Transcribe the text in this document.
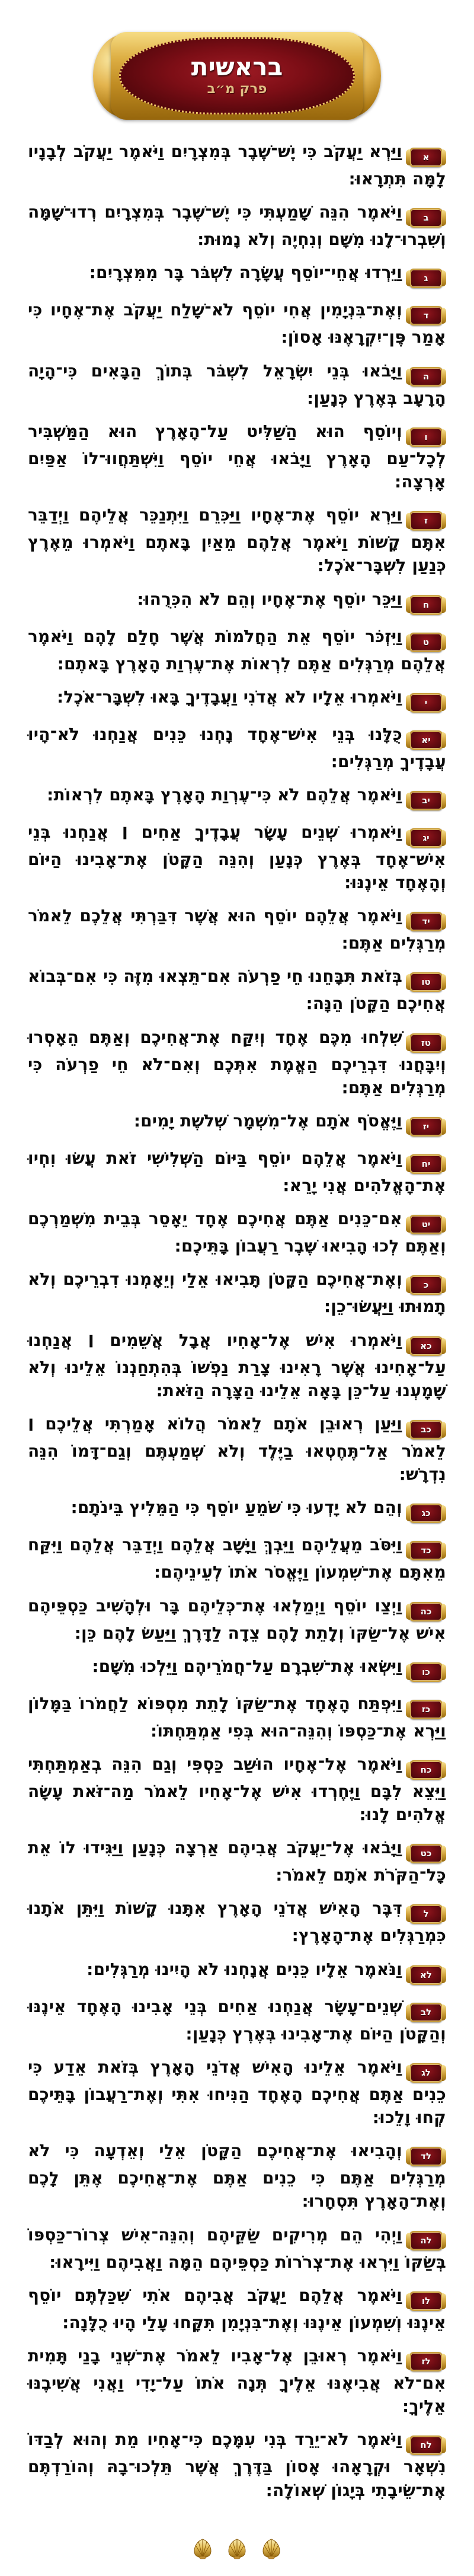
בראשית
פרק מ״ב
א
וַיַּרְא יַעֲקֹב כִּי יֶשׁ־שֶׁבֶר בְּמִצְרָיִם וַיֹּאמֶר יַעֲקֹב לְבָנָיו לָמָּה תִּתְרָאוּ:
ב
וַיֹּאמֶר הִנֵּה שָׁמַעְתִּי כִּי יֶשׁ־שֶׁבֶר בְּמִצְרָיִם רְדוּ־שָׁמָּה וְשִׁבְרוּ־לָנוּ מִשָּׁם וְנִחְיֶה וְלֹא נָמוּת:
ג
וַיֵּרְדוּ אֲחֵי־יוֹסֵף עֲשָׂרָה לִשְׁבֹּר בָּר מִמִּצְרָיִם:
ד
וְאֶת־בִּנְיָמִין אֲחִי יוֹסֵף לֹא־שָׁלַח יַעֲקֹב אֶת־אֶחָיו כִּי אָמַר פֶּן־יִקְרָאֶנּוּ אָסוֹן:
ה
וַיָּבֹאוּ בְּנֵי יִשְׂרָאֵל לִשְׁבֹּר בְּתוֹךְ הַבָּאִים כִּי־הָיָה הָרָעָב בְּאֶרֶץ כְּנָעַן:
ו
וְיוֹסֵף הוּא הַשַּׁלִּיט עַל־הָאָרֶץ הוּא הַמַּשְׁבִּיר לְכָל־עַם הָאָרֶץ וַיָּבֹאוּ אֲחֵי יוֹסֵף וַיִּשְׁתַּחֲווּ־לוֹ אַפַּיִם אָרְצָה:
ז
וַיַּרְא יוֹסֵף אֶת־אֶחָיו וַיַּכִּרֵם וַיִּתְנַכֵּר אֲלֵיהֶם וַיְדַבֵּר אִתָּם קָשׁוֹת וַיֹּאמֶר אֲלֵהֶם מֵאַיִן בָּאתֶם וַיֹּאמְרוּ מֵאֶרֶץ כְּנַעַן לִשְׁבָּר־אֹכֶל:
ח
וַיַּכֵּר יוֹסֵף אֶת־אֶחָיו וְהֵם לֹא הִכִּרֻהוּ:
ט
וַיִּזְכֹּר יוֹסֵף אֵת הַחֲלֹמוֹת אֲשֶׁר חָלַם לָהֶם וַיֹּאמֶר אֲלֵהֶם מְרַגְּלִים אַתֶּם לִרְאוֹת אֶת־עֶרְוַת הָאָרֶץ בָּאתֶם:
י
וַיֹּאמְרוּ אֵלָיו לֹא אֲדֹנִי וַעֲבָדֶיךָ בָּאוּ לִשְׁבָּר־אֹכֶל:
יא
כֻּלָּנוּ בְּנֵי אִישׁ־אֶחָד נָחְנוּ כֵּנִים אֲנַחְנוּ לֹא־הָיוּ עֲבָדֶיךָ מְרַגְּלִים:
יב
וַיֹּאמֶר אֲלֵהֶם לֹא כִּי־עֶרְוַת הָאָרֶץ בָּאתֶם לִרְאוֹת:
יג
וַיֹּאמְרוּ שְׁנֵים עָשָׂר עֲבָדֶיךָ אַחִים ׀ אֲנַחְנוּ בְּנֵי אִישׁ־אֶחָד בְּאֶרֶץ כְּנָעַן וְהִנֵּה הַקָּטֹן אֶת־אָבִינוּ הַיּוֹם וְהָאֶחָד אֵינֶנּוּ:
יד
וַיֹּאמֶר אֲלֵהֶם יוֹסֵף הוּא אֲשֶׁר דִּבַּרְתִּי אֲלֵכֶם לֵאמֹר מְרַגְּלִים אַתֶּם:
טו
בְּזֹאת תִּבָּחֵנוּ חֵי פַרְעֹה אִם־תֵּצְאוּ מִזֶּה כִּי אִם־בְּבוֹא אֲחִיכֶם הַקָּטֹן הֵנָּה:
טז
שִׁלְחוּ מִכֶּם אֶחָד וְיִקַּח אֶת־אֲחִיכֶם וְאַתֶּם הֵאָסְרוּ וְיִבָּחֲנוּ דִּבְרֵיכֶם הַאֱמֶת אִתְּכֶם וְאִם־לֹא חֵי פַרְעֹה כִּי מְרַגְּלִים אַתֶּם:
יז
וַיֶּאֱסֹף אֹתָם אֶל־מִשְׁמָר שְׁלֹשֶׁת יָמִים:
יח
וַיֹּאמֶר אֲלֵהֶם יוֹסֵף בַּיּוֹם הַשְּׁלִישִׁי זֹאת עֲשׂוּ וִחְיוּ אֶת־הָאֱלֹהִים אֲנִי יָרֵא:
יט
אִם־כֵּנִים אַתֶּם אֲחִיכֶם אֶחָד יֵאָסֵר בְּבֵית מִשְׁמַרְכֶם וְאַתֶּם לְכוּ הָבִיאוּ שֶׁבֶר רַעֲבוֹן בָּתֵּיכֶם:
כ
וְאֶת־אֲחִיכֶם הַקָּטֹן תָּבִיאוּ אֵלַי וְיֵאָמְנוּ דִבְרֵיכֶם וְלֹא תָמוּתוּ וַיַּעֲשׂוּ־כֵן:
כא
וַיֹּאמְרוּ אִישׁ אֶל־אָחִיו אֲבָל אֲשֵׁמִים ׀ אֲנַחְנוּ עַל־אָחִינוּ אֲשֶׁר רָאִינוּ צָרַת נַפְשׁוֹ בְּהִתְחַנְנוֹ אֵלֵינוּ וְלֹא שָׁמָעְנוּ עַל־כֵּן בָּאָה אֵלֵינוּ הַצָּרָה הַזֹּאת:
כב
וַיַּעַן רְאוּבֵן אֹתָם לֵאמֹר הֲלוֹא אָמַרְתִּי אֲלֵיכֶם ׀ לֵאמֹר אַל־תֶּחֶטְאוּ בַיֶּלֶד וְלֹא שְׁמַעְתֶּם וְגַם־דָּמוֹ הִנֵּה נִדְרָשׁ:
כג
וְהֵם לֹא יָדְעוּ כִּי שֹׁמֵעַ יוֹסֵף כִּי הַמֵּלִיץ בֵּינֹתָם:
כד
וַיִּסֹּב מֵעֲלֵיהֶם וַיֵּבְךְּ וַיָּשָׁב אֲלֵהֶם וַיְדַבֵּר אֲלֵהֶם וַיִּקַּח מֵאִתָּם אֶת־שִׁמְעוֹן וַיֶּאֱסֹר אֹתוֹ לְעֵינֵיהֶם:
כה
וַיְצַו יוֹסֵף וַיְמַלְאוּ אֶת־כְּלֵיהֶם בָּר וּלְהָשִׁיב כַּסְפֵּיהֶם אִישׁ אֶל־שַׂקּוֹ וְלָתֵת לָהֶם צֵדָה לַדָּרֶךְ וַיַּעַשׂ לָהֶם כֵּן:
כו
וַיִּשְׂאוּ אֶת־שִׁבְרָם עַל־חֲמֹרֵיהֶם וַיֵּלְכוּ מִשָּׁם:
כז
וַיִּפְתַּח הָאֶחָד אֶת־שַׂקּוֹ לָתֵת מִסְפּוֹא לַחֲמֹרוֹ בַּמָּלוֹן וַיַּרְא אֶת־כַּסְפּוֹ וְהִנֵּה־הוּא בְּפִי אַמְתַּחְתּוֹ:
כח
וַיֹּאמֶר אֶל־אֶחָיו הוּשַׁב כַּסְפִּי וְגַם הִנֵּה בְאַמְתַּחְתִּי וַיֵּצֵא לִבָּם וַיֶּחֶרְדוּ אִישׁ אֶל־אָחִיו לֵאמֹר מַה־זֹּאת עָשָׂה אֱלֹהִים לָנוּ:
כט
וַיָּבֹאוּ אֶל־יַעֲקֹב אֲבִיהֶם אַרְצָה כְּנָעַן וַיַּגִּידוּ לוֹ אֵת כָּל־הַקֹּרֹת אֹתָם לֵאמֹר:
ל
דִּבֶּר הָאִישׁ אֲדֹנֵי הָאָרֶץ אִתָּנוּ קָשׁוֹת וַיִּתֵּן אֹתָנוּ כִּמְרַגְּלִים אֶת־הָאָרֶץ:
לא
וַנֹּאמֶר אֵלָיו כֵּנִים אֲנָחְנוּ לֹא הָיִינוּ מְרַגְּלִים:
לב
שְׁנֵים־עָשָׂר אֲנַחְנוּ אַחִים בְּנֵי אָבִינוּ הָאֶחָד אֵינֶנּוּ וְהַקָּטֹן הַיּוֹם אֶת־אָבִינוּ בְּאֶרֶץ כְּנָעַן:
לג
וַיֹּאמֶר אֵלֵינוּ הָאִישׁ אֲדֹנֵי הָאָרֶץ בְּזֹאת אֵדַע כִּי כֵנִים אַתֶּם אֲחִיכֶם הָאֶחָד הַנִּיחוּ אִתִּי וְאֶת־רַעֲבוֹן בָּתֵּיכֶם קְחוּ וָלֵכוּ:
לד
וְהָבִיאוּ אֶת־אֲחִיכֶם הַקָּטֹן אֵלַי וְאֵדְעָה כִּי לֹא מְרַגְּלִים אַתֶּם כִּי כֵנִים אַתֶּם אֶת־אֲחִיכֶם אֶתֵּן לָכֶם וְאֶת־הָאָרֶץ תִּסְחָרוּ:
לה
וַיְהִי הֵם מְרִיקִים שַׂקֵּיהֶם וְהִנֵּה־אִישׁ צְרוֹר־כַּסְפּוֹ בְּשַׂקּוֹ וַיִּרְאוּ אֶת־צְרֹרוֹת כַּסְפֵּיהֶם הֵמָּה וַאֲבִיהֶם וַיִּירָאוּ:
לו
וַיֹּאמֶר אֲלֵהֶם יַעֲקֹב אֲבִיהֶם אֹתִי שִׁכַּלְתֶּם יוֹסֵף אֵינֶנּוּ וְשִׁמְעוֹן אֵינֶנּוּ וְאֶת־בִּנְיָמִן תִּקָּחוּ עָלַי הָיוּ כֻלָּנָה:
לז
וַיֹּאמֶר רְאוּבֵן אֶל־אָבִיו לֵאמֹר אֶת־שְׁנֵי בָנַי תָּמִית אִם־לֹא אֲבִיאֶנּוּ אֵלֶיךָ תְּנָה אֹתוֹ עַל־יָדִי וַאֲנִי אֲשִׁיבֶנּוּ אֵלֶיךָ:
לח
וַיֹּאמֶר לֹא־יֵרֵד בְּנִי עִמָּכֶם כִּי־אָחִיו מֵת וְהוּא לְבַדּוֹ נִשְׁאָר וּקְרָאָהוּ אָסוֹן בַּדֶּרֶךְ אֲשֶׁר תֵּלְכוּ־בָהּ וְהוֹרַדְתֶּם אֶת־שֵׂיבָתִי בְּיָגוֹן שְׁאוֹלָה:
